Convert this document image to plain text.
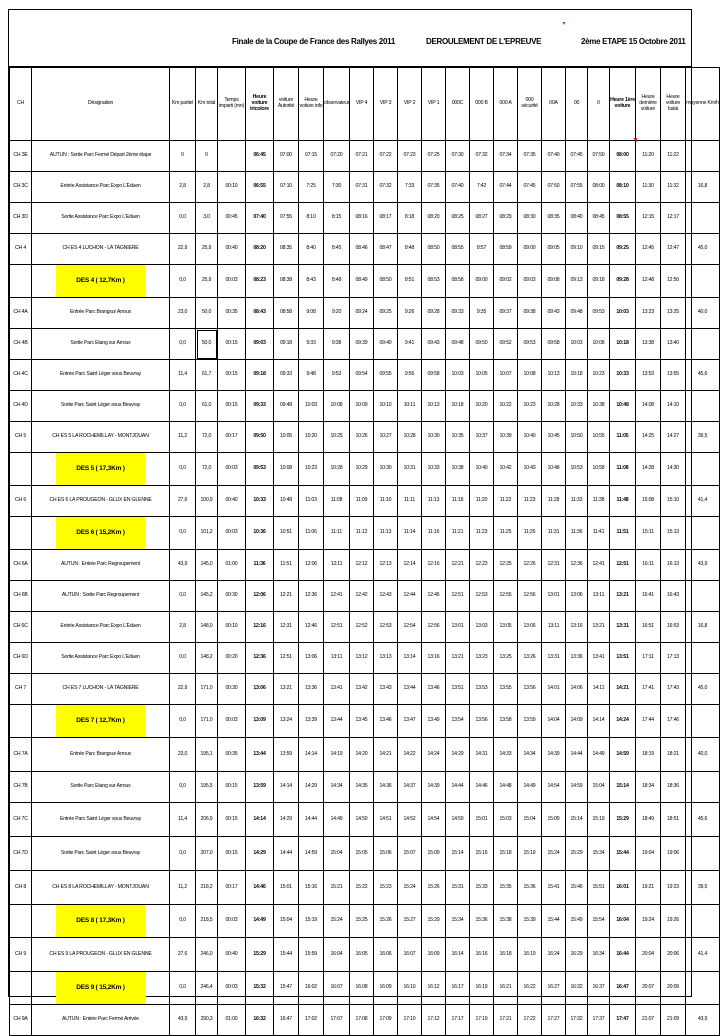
Finale de la Coupe de France des Rallyes 2011	DEROULEMENT DE L'EPREUVE	2ème ETAPE 15 Octobre 2011
CH	Désignation	Km partiel	Km total	Temps imparti (mn)	Heure voiture tricolore	voiture Autorité	Heure voiture info	observateur	VIP 4	VIP 3	VIP 2	VIP 1	000C	000 B	000 A	000 sécurité	00A	00	0	Heure 1ère voiture	Heure dernière voiture	Heure voiture balai	moyenne Km/h
CH 3E	AUTUN : Sortie Parc Fermé Départ 2ème étape	0	0		06:45	07:00	07:15	07:20	07:21	07:22	07:23	07:25	07:30	07:32	07:34	07:35	07:40	07:45	07:50	08:00	11:20	11:22	
CH 3C	Entrée Assistance Parc Expo L'Eduen	2,8	2,8	00:10	06:55	07:10	7:25	7:30	07:31	07:32	7:33	07:35	07:40	7:42	07:44	07:45	07:50	07:55	08:00	08:10	11:30	11:32	16,8
CH 3D	Sortie Assistance Parc Expo L'Eduen	0,0	3,0	00:45	07:40	07:55	8:10	8:15	08:16	08:17	8:18	08:20	08:25	08:27	08:29	08:30	08:35	08:40	08:45	08:55	12:15	12:17	
CH 4	CH ES 4 LUCHON - LA TAGNIERE	22,9	25,9	00:40	08:20	08:35	8:40	8:45	08:46	08:47	8:48	08:50	08:55	8:57	08:59	09:00	09:05	09:10	09:15	09:25	12:45	12:47	45,0
	DES 4 ( 12,7Km )	0,0	25,9	00:03	08:23	08:38	8:43	8:48	08:49	08:50	8:51	08:53	08:58	09:00	09:02	09:03	09:08	09:13	09:18	09:28	12:48	12:50	
CH 4A	Entrée Parc Brangsur Arroux	23,0	50,0	00:35	08:43	08:58	9:08	9:20	09:24	09:25	9:26	09:28	09:33	9:35	09:37	09:38	09:43	09:48	09:53	10:03	13:23	13:25	40,0
CH 4B	Sortie Parc Etang sur Arroux	0,0	50,0	00:15	09:03	09:18	9:33	9:38	09:39	09:40	9:41	09:43	09:48	09:50	09:52	09:53	09:58	10:03	10:08	10:18	13:38	13:40	
CH 4C	Entrée Parc Saint Léger sous Beuvray	11,4	61,7	00:15	09:18	09:33	9:48	9:53	09:54	09:55	9:56	09:58	10:03	10:05	10:07	10:08	10:13	10:18	10:23	10:33	13:53	13:55	45,6
CH 4D	Sortie Parc Saint Léger sous Beuvray	0,0	61,0	00:15	09:33	09:48	10:03	10:08	10:09	10:10	10:11	10:13	10:18	10:20	10:22	10:23	10:28	10:33	10:38	10:48	14:08	14:10	
CH 5	CH ES 5 LA ROCHEMILLAY - MONTJOUAN	11,2	72,0	00:17	09:50	10:05	10:20	10:25	10:26	10:27	10:28	10:30	10:35	10:37	10:39	10:40	10:45	10:50	10:55	11:05	14:25	14:27	39,5
	DES 5 ( 17,3Km )	0,0	72,0	00:03	09:53	10:08	10:23	10:28	10:29	10:30	10:31	10:33	10:38	10:40	10:42	10:43	10:48	10:53	10:58	11:08	14:28	14:30	
CH 6	CH ES 6 LA PROUGEON - GLUX EN GLENNE	27,6	100,9	00:40	10:33	10:48	11:03	11:08	11:09	11:10	11:11	11:13	11:18	11:20	11:22	11:23	11:28	11:33	11:38	11:48	15:08	15:10	41,4
	DES 6 ( 15,2Km )	0,0	101,2	00:03	10:36	10:51	11:06	11:11	11:12	11:13	11:14	11:16	11:21	11:23	11:25	11:26	11:31	11:36	11:41	11:51	15:11	15:13	
CH 6A	AUTUN : Entrée Parc Regroupement	43,9	145,0	01:00	11:36	11:51	12:06	12:11	12:12	12:13	12:14	12:16	12:21	12:23	12:25	12:26	12:31	12:36	12:41	12:51	16:11	16:13	43,9
CH 6B	AUTUN : Sortie Parc Regroupement	0,0	145,2	00:30	12:06	12:21	12:36	12:41	12:42	12:43	12:44	12:46	12:51	12:53	12:55	12:56	13:01	13:06	13:11	13:21	16:41	16:43	
CH 6C	Entrée Assistance Parc Expo L'Eduen	2,8	148,0	00:10	12:16	12:31	12:46	12:51	12:52	12:53	12:54	12:56	13:01	13:03	13:05	13:06	13:11	13:16	13:21	13:31	16:51	16:53	16,8
CH 6D	Sortie Assistance Parc Expo L'Eduen	0,0	148,2	00:20	12:36	12:51	13:06	13:11	13:12	13:13	13:14	13:16	13:21	13:23	13:25	13:26	13:31	13:36	13:41	13:51	17:11	17:13	
CH 7	CH ES 7 LUCHON - LA TAGNIERE	22,9	171,0	00:30	13:06	13:21	13:36	13:41	13:42	13:43	13:44	13:46	13:51	13:53	13:55	13:56	14:01	14:06	14:11	14:21	17:41	17:43	45,0
	DES 7 ( 12,7Km )	0,0	171,0	00:03	13:09	13:24	13:39	13:44	13:45	13:46	13:47	13:49	13:54	13:56	13:58	13:59	14:04	14:09	14:14	14:24	17:44	17:46	
CH 7A	Entrée Parc Brangsur Arroux	23,0	195,1	00:35	13:44	13:59	14:14	14:19	14:20	14:21	14:22	14:24	14:29	14:31	14:33	14:34	14:39	14:44	14:49	14:59	18:19	18:21	40,0
CH 7B	Sortie Parc Etang sur Arroux	0,0	195,5	00:15	13:59	14:14	14:29	14:34	14:35	14:36	14:37	14:39	14:44	14:46	14:48	14:49	14:54	14:59	15:04	15:14	18:34	18:36	
CH 7C	Entrée Parc Saint Léger sous Beuvray	11,4	206,9	00:15	14:14	14:29	14:44	14:49	14:50	14:51	14:52	14:54	14:59	15:01	15:03	15:04	15:09	15:14	15:19	15:29	18:49	18:51	45,6
CH 7D	Sortie Parc Saint Léger sous Beuvray	0,0	207,0	00:15	14:29	14:44	14:59	15:04	15:05	15:06	15:07	15:09	15:14	15:16	15:18	15:19	15:24	15:29	15:34	15:44	19:04	19:06	
CH 8	CH ES 8 LA ROCHEMILLAY - MONTJOUAN	11,2	218,2	00:17	14:46	15:01	15:16	15:21	15:22	15:23	15:24	15:26	15:31	15:33	15:35	15:36	15:41	15:46	15:51	16:01	19:21	19:23	39,5
	DES 8 ( 17,3Km )	0,0	218,5	00:03	14:49	15:04	15:19	15:24	15:25	15:26	15:27	15:29	15:34	15:36	15:38	15:39	15:44	15:49	15:54	16:04	19:24	19:26	
CH 9	CH ES 9 LA PROUGEON - GLUX EN GLENNE	27,6	246,0	00:40	15:29	15:44	15:59	16:04	16:05	16:06	16:07	16:09	16:14	16:16	16:18	16:19	16:24	16:29	16:34	16:44	20:04	20:06	41,4
	DES 9 ( 15,2Km )	0,0	246,4	00:03	15:32	15:47	16:02	16:07	16:08	16:09	16:10	16:12	16:17	16:19	16:21	16:22	16:27	16:32	16:37	16:47	20:07	20:09	
CH 9A	AUTUN : Entrée Parc Fermé Arrivée	43,9	290,3	01:00	16:32	16:47	17:02	17:07	17:08	17:09	17:10	17:12	17:17	17:19	17:21	17:22	17:27	17:32	17:37	17:47	21:07	21:09	43,9
